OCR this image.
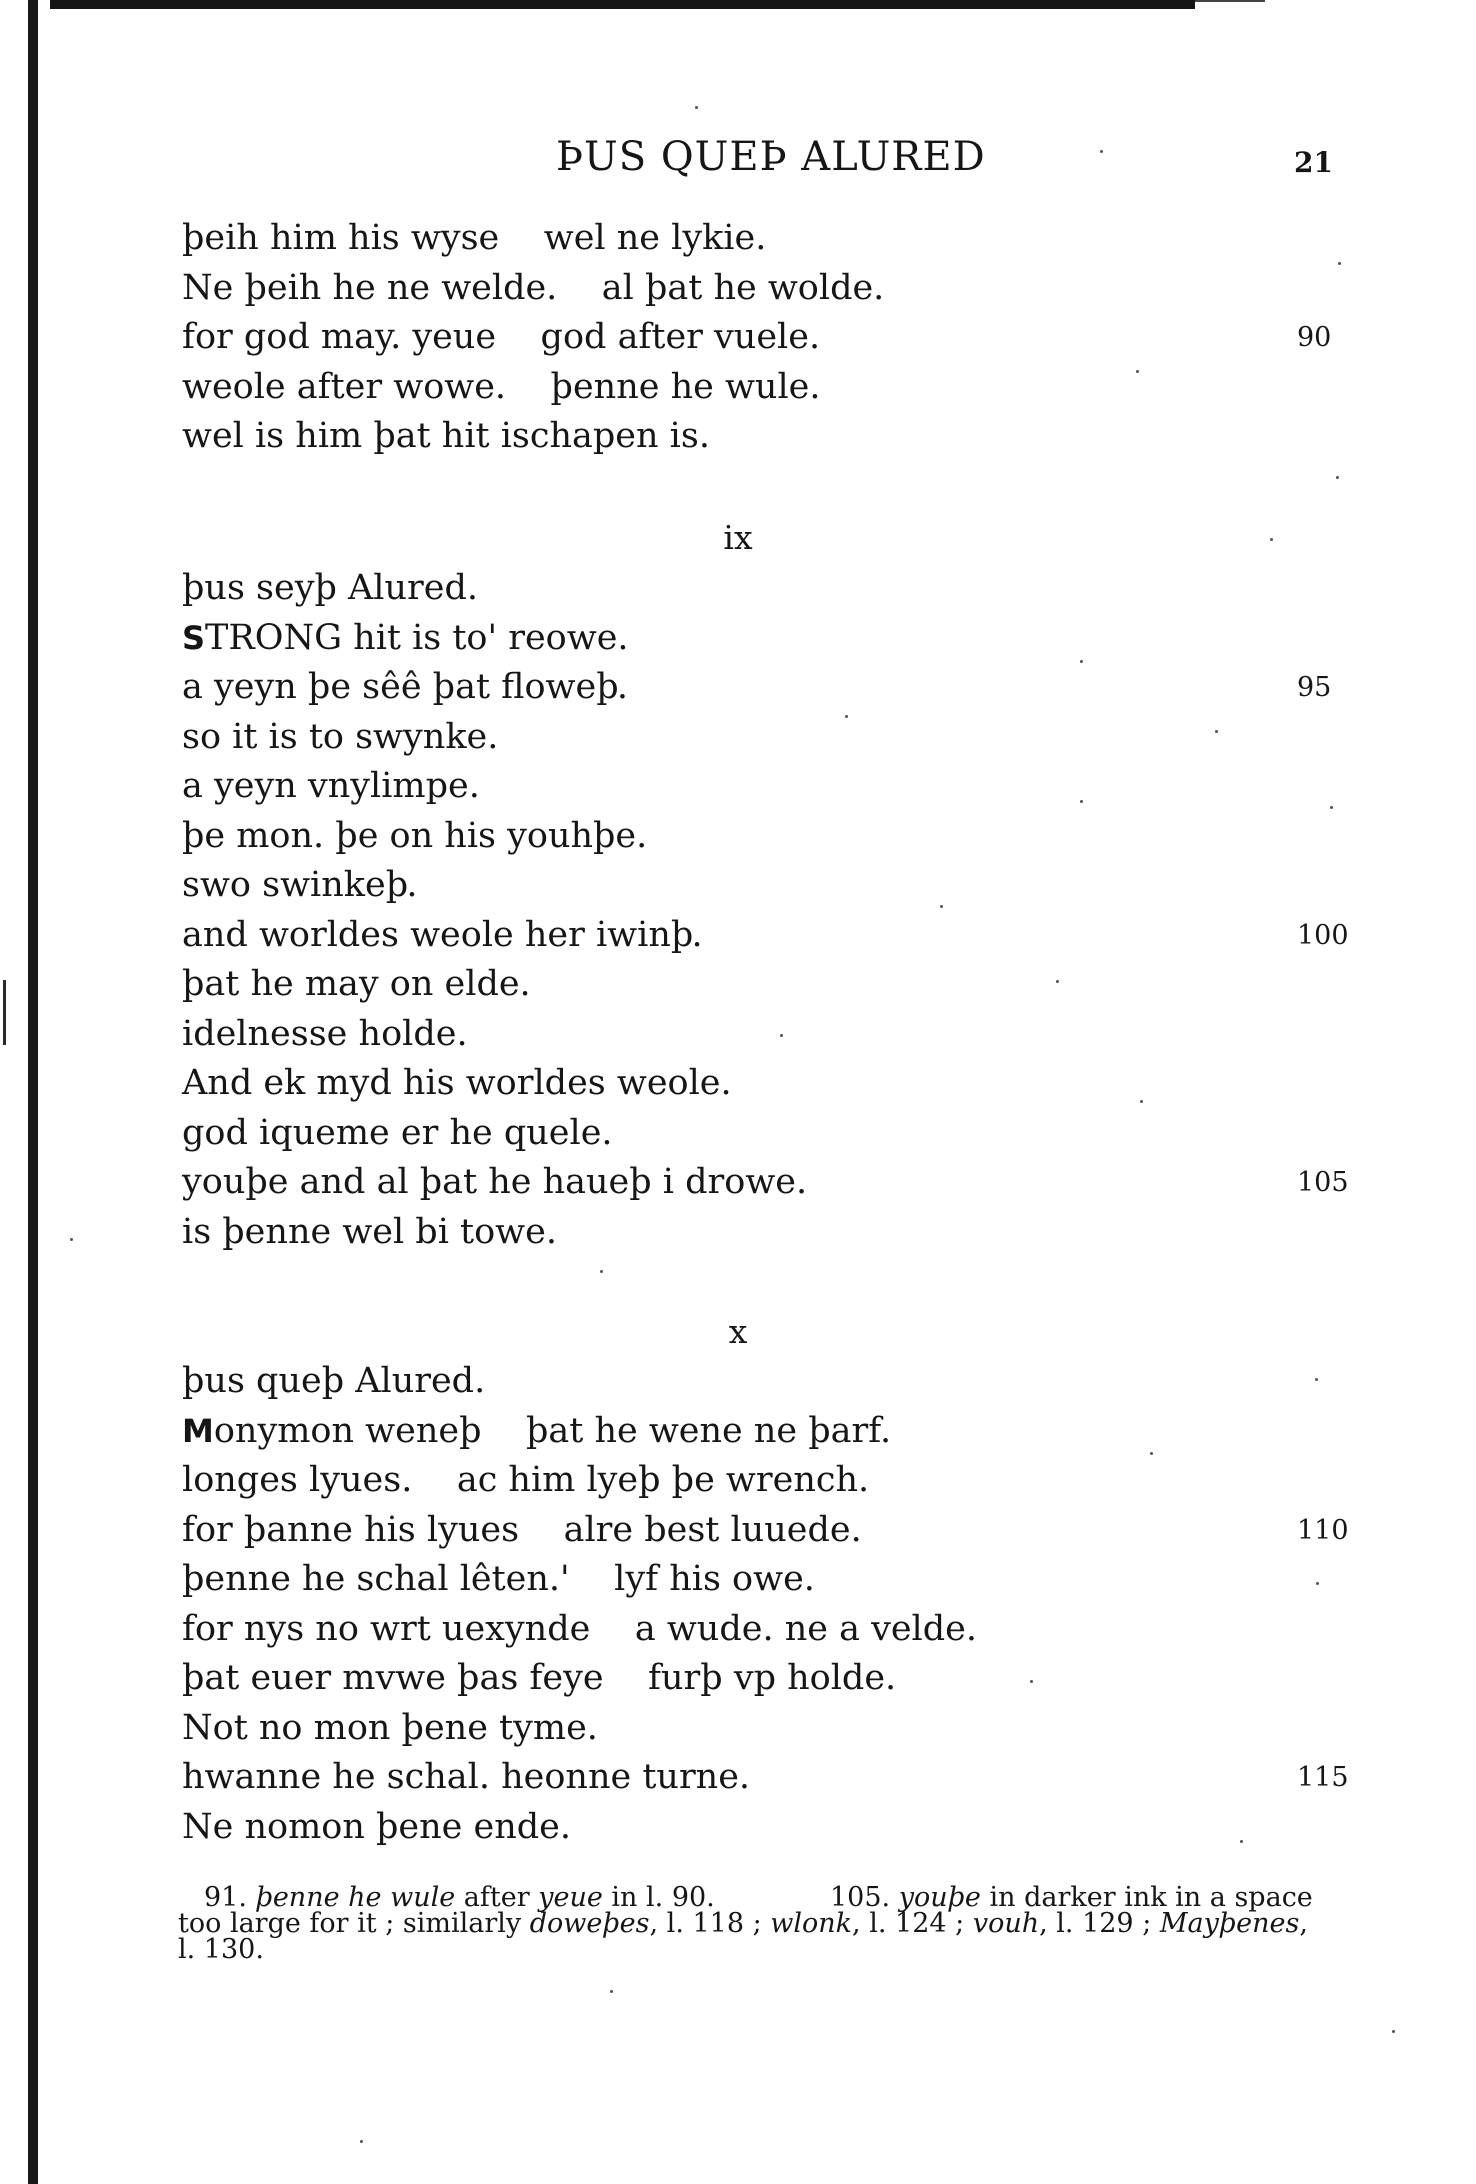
ÞUS QUEÞ ALURED	21
þeih him his wyse    wel ne lykie.
Ne þeih he ne welde.    al þat he wolde.
for god may. yeue    god after vuele.	90
weole after wowe.    þenne he wule.
wel is him þat hit ischapen is.
ix
þus seyþ Alured.
STRONG hit is to' reowe.
a yeyn þe sêê þat floweþ.	95
so it is to swynke.
a yeyn vnylimpe.
þe mon. þe on his youhþe.
swo swinkeþ.
and worldes weole her iwinþ.	100
þat he may on elde.
idelnesse holde.
And ek myd his worldes weole.
god iqueme er he quele.
youþe and al þat he haueþ i drowe.	105
is þenne wel bi towe.
x
þus queþ Alured.
Monymon weneþ    þat he wene ne þarf.
longes lyues.    ac him lyeþ þe wrench.
for þanne his lyues    alre best luuede.	110
þenne he schal lêten.'    lyf his owe.
for nys no wrt uexynde    a wude. ne a velde.
þat euer mvwe þas feye    furþ vp holde.
Not no mon þene tyme.
hwanne he schal. heonne turne.	115
Ne nomon þene ende.
91. þenne he wule after yeue in l. 90.	105. youþe in darker ink in a space
too large for it ; similarly doweþes, l. 118 ; wlonk, l. 124 ; vouh, l. 129 ; Mayþenes,
l. 130.
